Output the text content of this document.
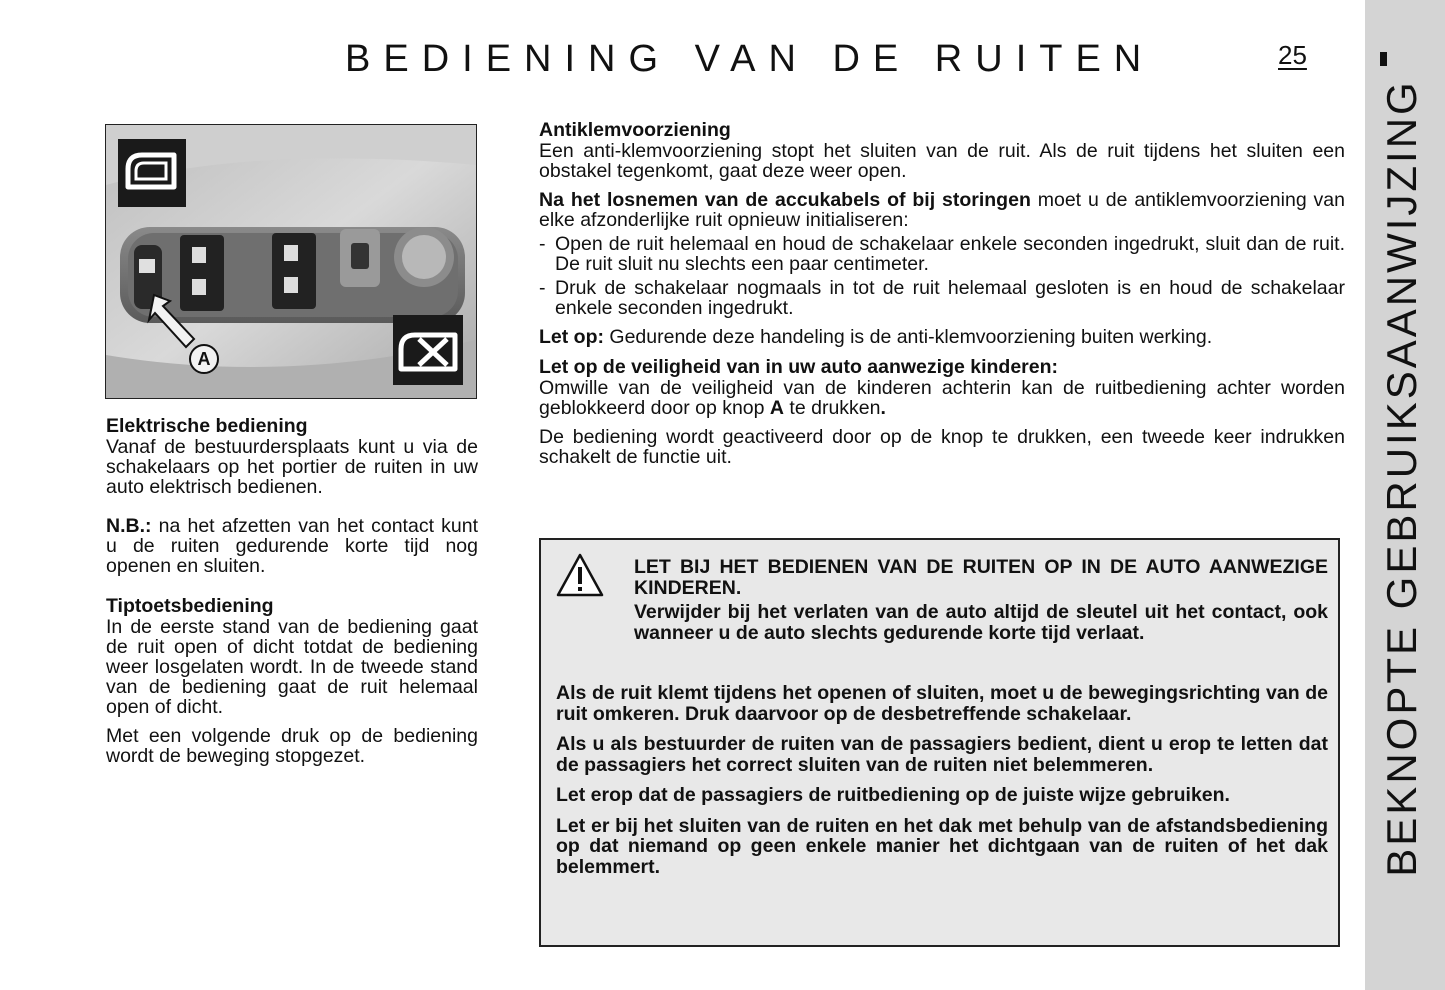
BEDIENING VAN DE RUITEN	25
BEKNOPTE GEBRUIKSAANWIJZING
A
Elektrische bediening

Vanaf de bestuurdersplaats kunt u via de schakelaars op het portier de ruiten in uw auto elektrisch bedienen.

N.B.: na het afzetten van het contact kunt u de ruiten gedurende korte tijd nog openen en sluiten.

Tiptoetsbediening

In de eerste stand van de bediening gaat de ruit open of dicht totdat de bediening weer losgelaten wordt. In de tweede stand van de bediening gaat de ruit helemaal open of dicht.

Met een volgende druk op de bediening wordt de beweging stopgezet.

Antiklemvoorziening

Een anti-klemvoorziening stopt het sluiten van de ruit. Als de ruit tijdens het sluiten een obstakel tegenkomt, gaat deze weer open.

Na het losnemen van de accukabels of bij storingen moet u de antiklemvoorziening van elke afzonderlijke ruit opnieuw initialiseren:

- Open de ruit helemaal en houd de schakelaar enkele seconden ingedrukt, sluit dan de ruit. De ruit sluit nu slechts een paar centimeter.

- Druk de schakelaar nogmaals in tot de ruit helemaal gesloten is en houd de schakelaar enkele seconden ingedrukt.

Let op: Gedurende deze handeling is de anti-klemvoorziening buiten werking.

Let op de veiligheid van in uw auto aanwezige kinderen:

Omwille van de veiligheid van de kinderen achterin kan de ruitbediening achter worden geblokkeerd door op knop A te drukken.

De bediening wordt geactiveerd door op de knop te drukken, een tweede keer indrukken schakelt de functie uit.

LET BIJ HET BEDIENEN VAN DE RUITEN OP IN DE AUTO AANWEZIGE KINDEREN.

Verwijder bij het verlaten van de auto altijd de sleutel uit het contact, ook wanneer u de auto slechts gedurende korte tijd verlaat.

Als de ruit klemt tijdens het openen of sluiten, moet u de bewegingsrichting van de ruit omkeren. Druk daarvoor op de desbetreffende schakelaar.

Als u als bestuurder de ruiten van de passagiers bedient, dient u erop te letten dat de passagiers het correct sluiten van de ruiten niet belemmeren.

Let erop dat de passagiers de ruitbediening op de juiste wijze gebruiken.

Let er bij het sluiten van de ruiten en het dak met behulp van de afstandsbediening op dat niemand op geen enkele manier het dichtgaan van de ruiten of het dak belemmert.
